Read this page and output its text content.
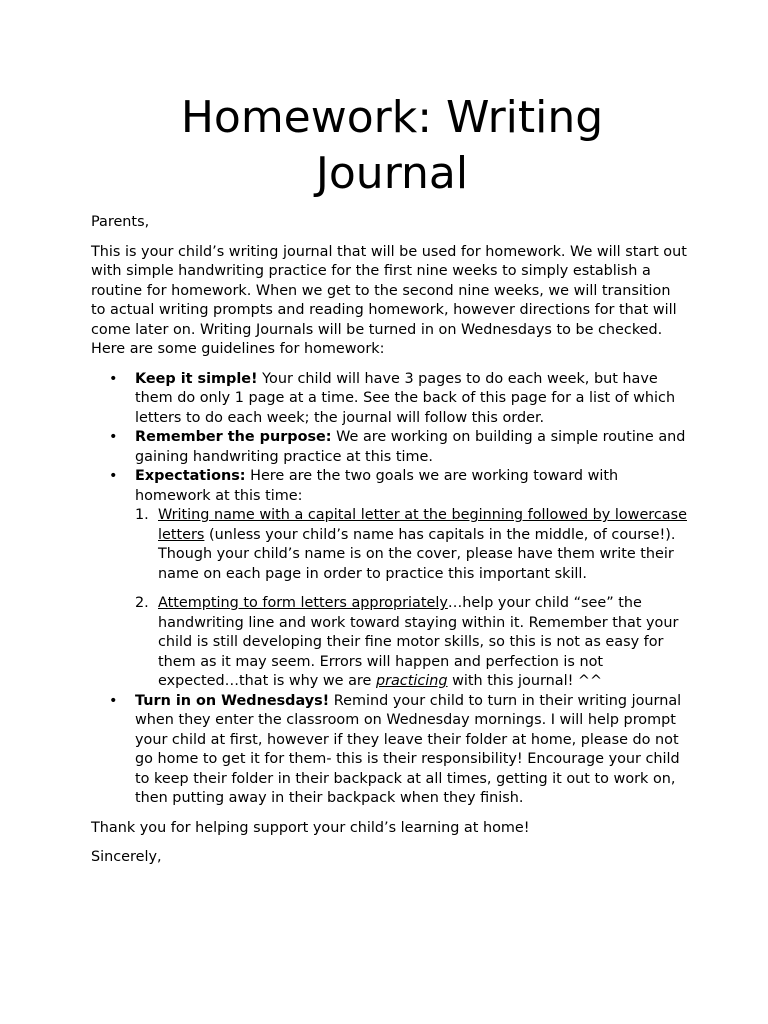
Homework: Writing
Journal

Parents,

This is your child’s writing journal that will be used for homework. We will start out with simple handwriting practice for the first nine weeks to simply establish a routine for homework. When we get to the second nine weeks, we will transition to actual writing prompts and reading homework, however directions for that will come later on. Writing Journals will be turned in on Wednesdays to be checked. Here are some guidelines for homework:

• Keep it simple! Your child will have 3 pages to do each week, but have them do only 1 page at a time. See the back of this page for a list of which letters to do each week; the journal will follow this order.
• Remember the purpose: We are working on building a simple routine and gaining handwriting practice at this time.
• Expectations: Here are the two goals we are working toward with homework at this time:
1. Writing name with a capital letter at the beginning followed by lowercase letters (unless your child’s name has capitals in the middle, of course!). Though your child’s name is on the cover, please have them write their name on each page in order to practice this important skill.
2. Attempting to form letters appropriately…help your child “see” the handwriting line and work toward staying within it. Remember that your child is still developing their fine motor skills, so this is not as easy for them as it may seem. Errors will happen and perfection is not expected…that is why we are practicing with this journal! ^^
• Turn in on Wednesdays! Remind your child to turn in their writing journal when they enter the classroom on Wednesday mornings. I will help prompt your child at first, however if they leave their folder at home, please do not go home to get it for them- this is their responsibility! Encourage your child to keep their folder in their backpack at all times, getting it out to work on, then putting away in their backpack when they finish.

Thank you for helping support your child’s learning at home!

Sincerely,
